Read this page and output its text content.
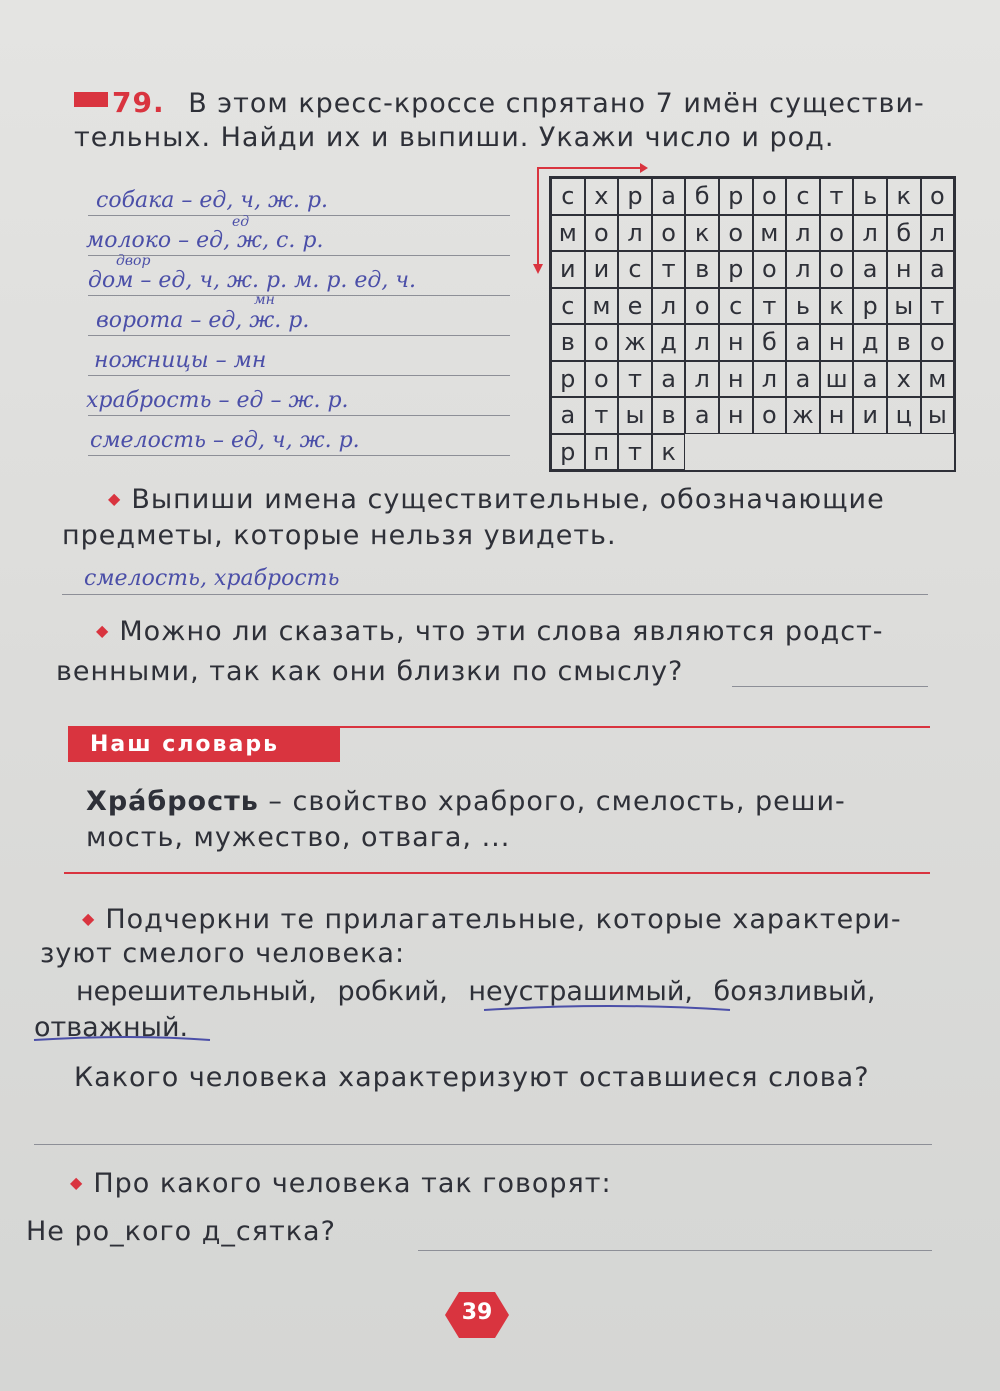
79. В этом кресс-кроссе спрятано 7 имён существи-
тельных. Найди их и выпиши. Укажи число и род.
собака – ед, ч, ж. р.
ед
молоко – ед, ж, с. р.
двор
дом – ед, ч, ж. р. м. р. ед, ч.
мн
ворота – ед, ж. р.
ножницы – мн
храбрость – ед – ж. р.
смелость – ед, ч, ж. р.
с х р а б р о с т ь к о
м о л о к о м л о л б л
и и с т в р о л о а н а
с м е л о с т ь к р ы т
в о ж д л н б а н д в о
р о т а л н л а ш а х м
а т ы в а н о ж н и ц ы
р п т к
◆ Выпиши имена существительные, обозначающие
предметы, которые нельзя увидеть.
смелость, храбрость
◆ Можно ли сказать, что эти слова являются родст-
венными, так как они близки по смыслу?
Наш словарь
Хра́брость – свойство храброго, смелость, реши-
мость, мужество, отвага, ...
◆ Подчеркни те прилагательные, которые характери-
зуют смелого человека:
нерешительный, робкий, неустрашимый, боязливый,
отважный.
Какого человека характеризуют оставшиеся слова?
◆ Про какого человека так говорят:
Не ро_кого д_сятка?
39
